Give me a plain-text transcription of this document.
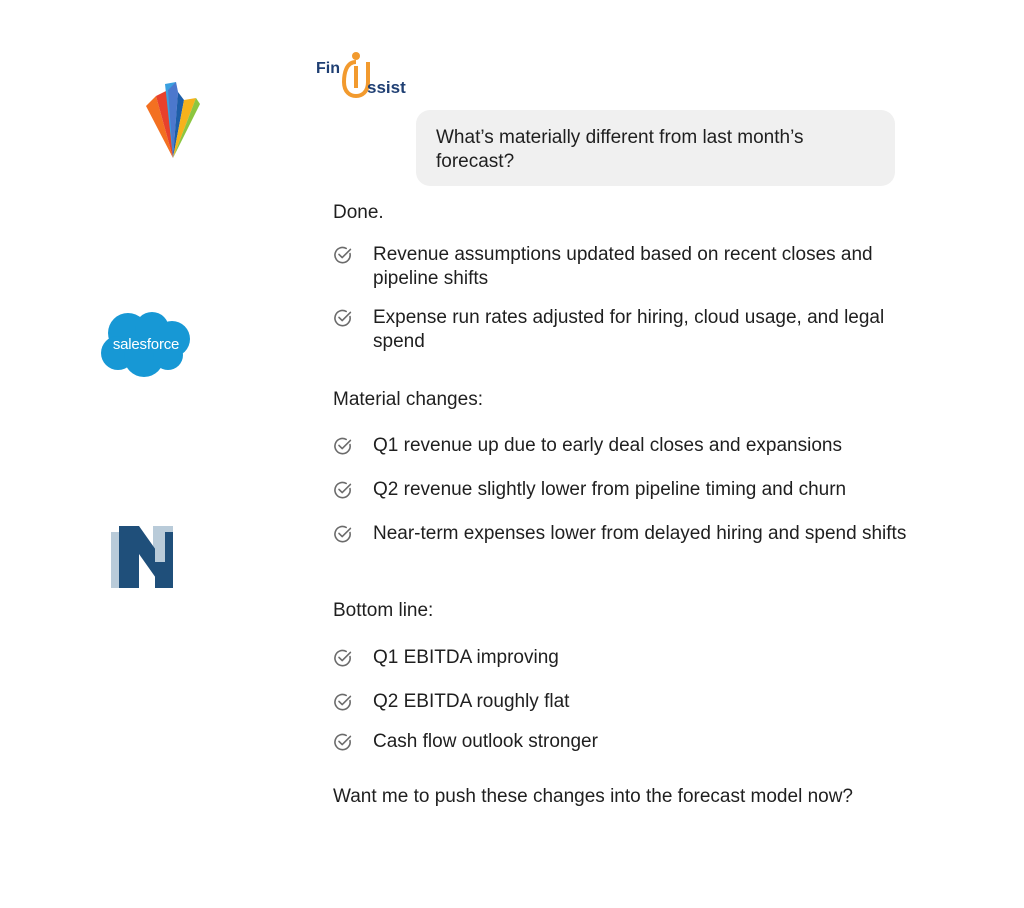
salesforce
Fin
ssist
What’s materially different from last month’s forecast?
Done.
Revenue assumptions updated based on recent closes and pipeline shifts
Expense run rates adjusted for hiring, cloud usage, and legal spend
Material changes:
Q1 revenue up due to early deal closes and expansions
Q2 revenue slightly lower from pipeline timing and churn
Near-term expenses lower from delayed hiring and spend shifts
Bottom line:
Q1 EBITDA improving
Q2 EBITDA roughly flat
Cash flow outlook stronger
Want me to push these changes into the forecast model now?
